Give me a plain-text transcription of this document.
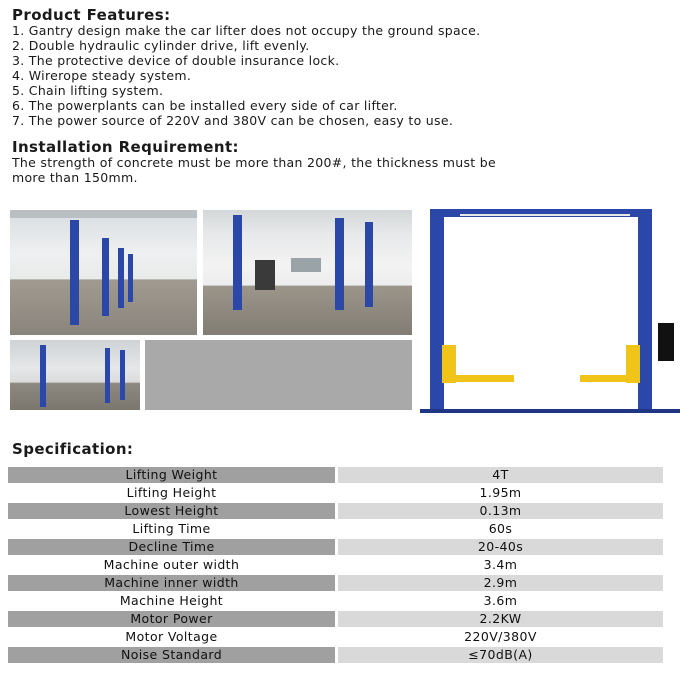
Product Features:
1. Gantry design make the car lifter does not occupy the ground space.
2. Double hydraulic cylinder drive, lift evenly.
3. The protective device of double insurance lock.
4. Wirerope steady system.
5. Chain lifting system.
6. The powerplants can be installed every side of car lifter.
7. The power source of 220V and 380V can be chosen, easy to use.
Installation Requirement:
The strength of concrete must be more than 200#, the thickness must be
more than 150mm.
Specification:
Lifting Weight	4T
Lifting Height	1.95m
Lowest Height	0.13m
Lifting Time	60s
Decline Time	20-40s
Machine outer width	3.4m
Machine inner width	2.9m
Machine Height	3.6m
Motor Power	2.2KW
Motor Voltage	220V/380V
Noise Standard	≤70dB(A)
